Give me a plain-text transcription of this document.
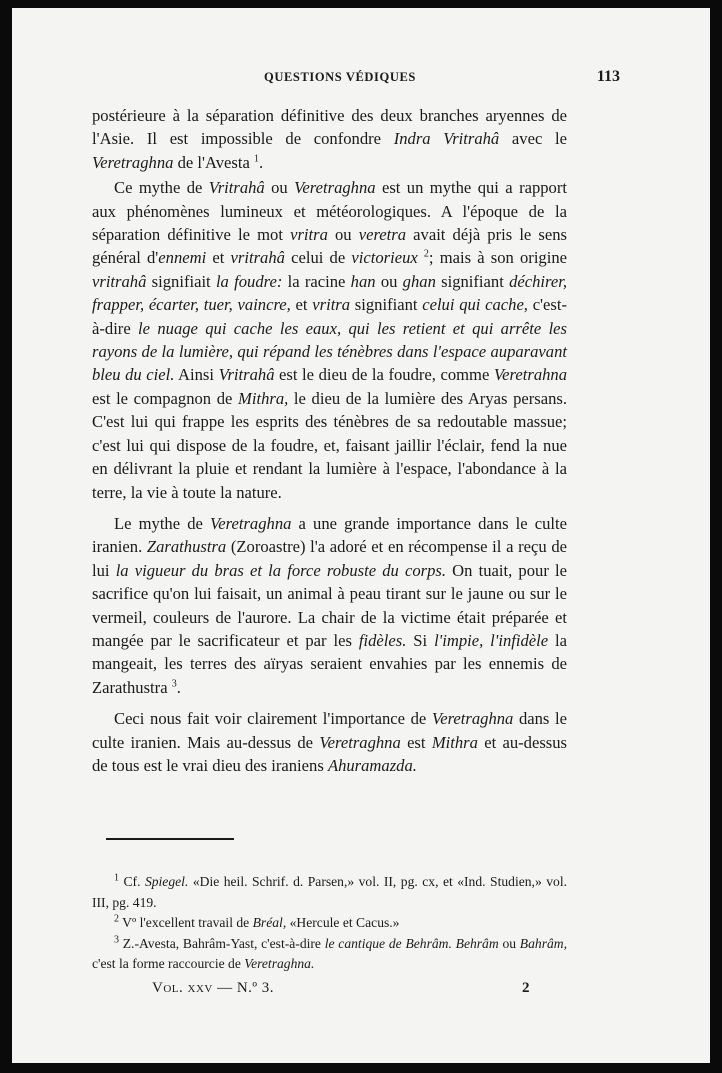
QUESTIONS VÉDIQUES	113

postérieure à la séparation définitive des deux branches aryennes de l'Asie. Il est impossible de confondre Indra Vritrahâ avec le Veretraghna de l'Avesta $^1$.

Ce mythe de Vritrahâ ou Veretraghna est un mythe qui a rapport aux phénomènes lumineux et météorologiques. A l'époque de la séparation définitive le mot vritra ou veretra avait déjà pris le sens général d'ennemi et vritrahâ celui de victorieux $^2$; mais à son origine vritrahâ signifiait la foudre: la racine han ou ghan signifiant déchirer, frapper, écarter, tuer, vaincre, et vritra signifiant celui qui cache, c'est-à-dire le nuage qui cache les eaux, qui les retient et qui arrête les rayons de la lumière, qui répand les ténèbres dans l'espace auparavant bleu du ciel. Ainsi Vritrahâ est le dieu de la foudre, comme Veretrahna est le compagnon de Mithra, le dieu de la lumière des Aryas persans. C'est lui qui frappe les esprits des ténèbres de sa redoutable massue; c'est lui qui dispose de la foudre, et, faisant jaillir l'éclair, fend la nue en délivrant la pluie et rendant la lumière à l'espace, l'abondance à la terre, la vie à toute la nature.

Le mythe de Veretraghna a une grande importance dans le culte iranien. Zarathustra (Zoroastre) l'a adoré et en récompense il a reçu de lui la vigueur du bras et la force robuste du corps. On tuait, pour le sacrifice qu'on lui faisait, un animal à peau tirant sur le jaune ou sur le vermeil, couleurs de l'aurore. La chair de la victime était préparée et mangée par le sacrificateur et par les fidèles. Si l'impie, l'infidèle la mangeait, les terres des aïryas seraient envahies par les ennemis de Zarathustra $^3$.

Ceci nous fait voir clairement l'importance de Veretraghna dans le culte iranien. Mais au-dessus de Veretraghna est Mithra et au-dessus de tous est le vrai dieu des iraniens Ahuramazda.

$^1$ Cf. Spiegel. «Die heil. Schrif. d. Parsen,» vol. II, pg. cx, et «Ind. Studien,» vol. III, pg. 419.

$^2$ Vº l'excellent travail de Bréal, «Hercule et Cacus.»

$^3$ Z.-Avesta, Bahrâm-Yast, c'est-à-dire le cantique de Behrâm. Behrâm ou Bahrâm, c'est la forme raccourcie de Veretraghna.

Vol. xxv — N.º 3.	2
